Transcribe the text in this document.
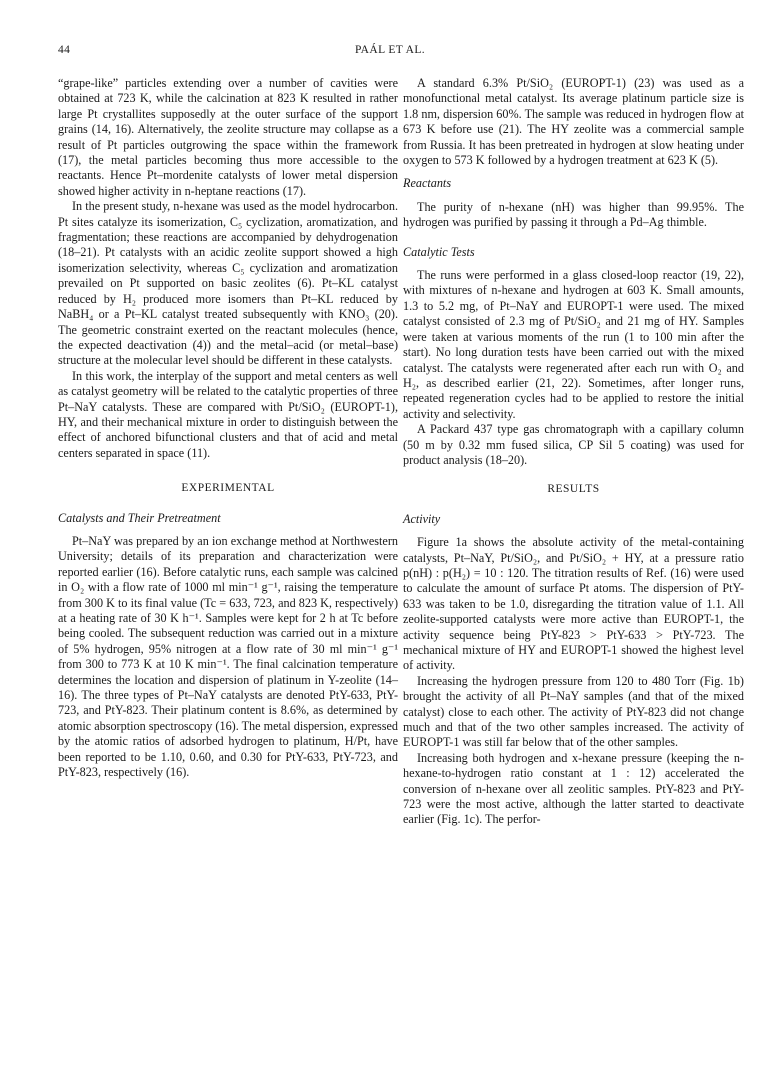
44	PAÁL ET AL.

“grape-like” particles extending over a number of cavities were obtained at 723 K, while the calcination at 823 K resulted in rather large Pt crystallites supposedly at the outer surface of the support grains (14, 16). Alternatively, the zeolite structure may collapse as a result of Pt particles outgrowing the space within the framework (17), the metal particles becoming thus more accessible to the reactants. Hence Pt–mordenite catalysts of lower metal dispersion showed higher activity in n-heptane reactions (17).

In the present study, n-hexane was used as the model hydrocarbon. Pt sites catalyze its isomerization, C₅ cyclization, aromatization, and fragmentation; these reactions are accompanied by dehydrogenation (18–21). Pt catalysts with an acidic zeolite support showed a high isomerization selectivity, whereas C₅ cyclization and aromatization prevailed on Pt supported on basic zeolites (6). Pt–KL catalyst reduced by H₂ produced more isomers than Pt–KL reduced by NaBH₄ or a Pt–KL catalyst treated subsequently with KNO₃ (20). The geometric constraint exerted on the reactant molecules (hence, the expected deactivation (4)) and the metal–acid (or metal–base) structure at the molecular level should be different in these catalysts.

In this work, the interplay of the support and metal centers as well as catalyst geometry will be related to the catalytic properties of three Pt–NaY catalysts. These are compared with Pt/SiO₂ (EUROPT-1), HY, and their mechanical mixture in order to distinguish between the effect of anchored bifunctional clusters and that of acid and metal centers separated in space (11).

EXPERIMENTAL
Catalysts and Their Pretreatment

Pt–NaY was prepared by an ion exchange method at Northwestern University; details of its preparation and characterization were reported earlier (16). Before catalytic runs, each sample was calcined in O₂ with a flow rate of 1000 ml min⁻¹ g⁻¹, raising the temperature from 300 K to its final value (Tc = 633, 723, and 823 K, respectively) at a heating rate of 30 K h⁻¹. Samples were kept for 2 h at Tc before being cooled. The subsequent reduction was carried out in a mixture of 5% hydrogen, 95% nitrogen at a flow rate of 30 ml min⁻¹ g⁻¹ from 300 to 773 K at 10 K min⁻¹. The final calcination temperature determines the location and dispersion of platinum in Y-zeolite (14–16). The three types of Pt–NaY catalysts are denoted PtY-633, PtY-723, and PtY-823. Their platinum content is 8.6%, as determined by atomic absorption spectroscopy (16). The metal dispersion, expressed by the atomic ratios of adsorbed hydrogen to platinum, H/Pt, have been reported to be 1.10, 0.60, and 0.30 for PtY-633, PtY-723, and PtY-823, respectively (16).

A standard 6.3% Pt/SiO₂ (EUROPT-1) (23) was used as a monofunctional metal catalyst. Its average platinum particle size is 1.8 nm, dispersion 60%. The sample was reduced in hydrogen flow at 673 K before use (21). The HY zeolite was a commercial sample from Russia. It has been pretreated in hydrogen at slow heating under oxygen to 573 K followed by a hydrogen treatment at 623 K (5).

Reactants

The purity of n-hexane (nH) was higher than 99.95%. The hydrogen was purified by passing it through a Pd–Ag thimble.

Catalytic Tests

The runs were performed in a glass closed-loop reactor (19, 22), with mixtures of n-hexane and hydrogen at 603 K. Small amounts, 1.3 to 5.2 mg, of Pt–NaY and EUROPT-1 were used. The mixed catalyst consisted of 2.3 mg of Pt/SiO₂ and 21 mg of HY. Samples were taken at various moments of the run (1 to 100 min after the start). No long duration tests have been carried out with the mixed catalyst. The catalysts were regenerated after each run with O₂ and H₂, as described earlier (21, 22). Sometimes, after longer runs, repeated regeneration cycles had to be applied to restore the initial activity and selectivity.

A Packard 437 type gas chromatograph with a capillary column (50 m by 0.32 mm fused silica, CP Sil 5 coating) was used for product analysis (18–20).

RESULTS
Activity

Figure 1a shows the absolute activity of the metal-containing catalysts, Pt–NaY, Pt/SiO₂, and Pt/SiO₂ + HY, at a pressure ratio p(nH) : p(H₂) = 10 : 120. The titration results of Ref. (16) were used to calculate the amount of surface Pt atoms. The dispersion of PtY-633 was taken to be 1.0, disregarding the titration value of 1.1. All zeolite-supported catalysts were more active than EUROPT-1, the activity sequence being PtY-823 > PtY-633 > PtY-723. The mechanical mixture of HY and EUROPT-1 showed the highest level of activity.

Increasing the hydrogen pressure from 120 to 480 Torr (Fig. 1b) brought the activity of all Pt–NaY samples (and that of the mixed catalyst) close to each other. The activity of PtY-823 did not change much and that of the two other samples increased. The activity of EUROPT-1 was still far below that of the other samples.

Increasing both hydrogen and x-hexane pressure (keeping the n-hexane-to-hydrogen ratio constant at 1 : 12) accelerated the conversion of n-hexane over all zeolitic samples. PtY-823 and PtY-723 were the most active, although the latter started to deactivate earlier (Fig. 1c). The perfor-
